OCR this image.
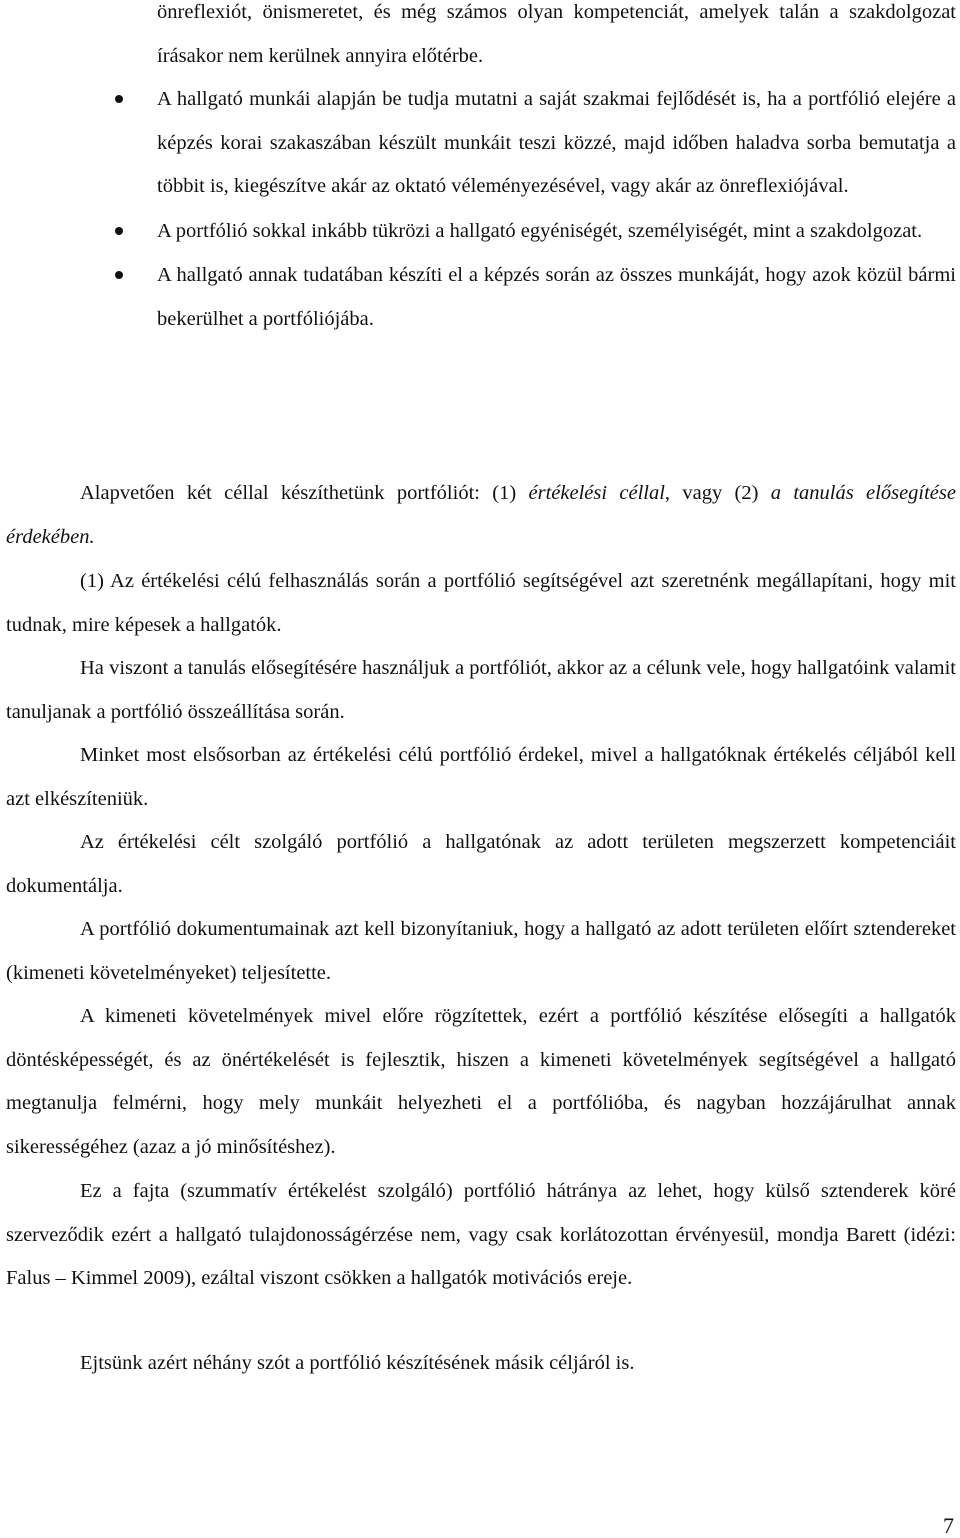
önreflexiót, önismeretet, és még számos olyan kompetenciát, amelyek talán a szakdolgozat írásakor nem kerülnek annyira előtérbe.

A hallgató munkái alapján be tudja mutatni a saját szakmai fejlődését is, ha a portfólió elejére a képzés korai szakaszában készült munkáit teszi közzé, majd időben haladva sorba bemutatja a többit is, kiegészítve akár az oktató véleményezésével, vagy akár az önreflexiójával.
A portfólió sokkal inkább tükrözi a hallgató egyéniségét, személyiségét, mint a szakdolgozat.
A hallgató annak tudatában készíti el a képzés során az összes munkáját, hogy azok közül bármi bekerülhet a portfóliójába.

Alapvetően két céllal készíthetünk portfóliót: (1) értékelési céllal, vagy (2) a tanulás elősegítése érdekében.

(1) Az értékelési célú felhasználás során a portfólió segítségével azt szeretnénk megállapítani, hogy mit tudnak, mire képesek a hallgatók.

Ha viszont a tanulás elősegítésére használjuk a portfóliót, akkor az a célunk vele, hogy hallgatóink valamit tanuljanak a portfólió összeállítása során.

Minket most elsősorban az értékelési célú portfólió érdekel, mivel a hallgatóknak értékelés céljából kell azt elkészíteniük.

Az értékelési célt szolgáló portfólió a hallgatónak az adott területen megszerzett kompetenciáit dokumentálja.

A portfólió dokumentumainak azt kell bizonyítaniuk, hogy a hallgató az adott területen előírt sztendereket (kimeneti követelményeket) teljesítette.

A kimeneti követelmények mivel előre rögzítettek, ezért a portfólió készítése elősegíti a hallgatók döntésképességét, és az önértékelését is fejlesztik, hiszen a kimeneti követelmények segítségével a hallgató megtanulja felmérni, hogy mely munkáit helyezheti el a portfólióba, és nagyban hozzájárulhat annak sikerességéhez (azaz a jó minősítéshez).

Ez a fajta (szummatív értékelést szolgáló) portfólió hátránya az lehet, hogy külső sztenderek köré szerveződik ezért a hallgató tulajdonosságérzése nem, vagy csak korlátozottan érvényesül, mondja Barett (idézi: Falus – Kimmel 2009), ezáltal viszont csökken a hallgatók motivációs ereje.

Ejtsünk azért néhány szót a portfólió készítésének másik céljáról is.

7
